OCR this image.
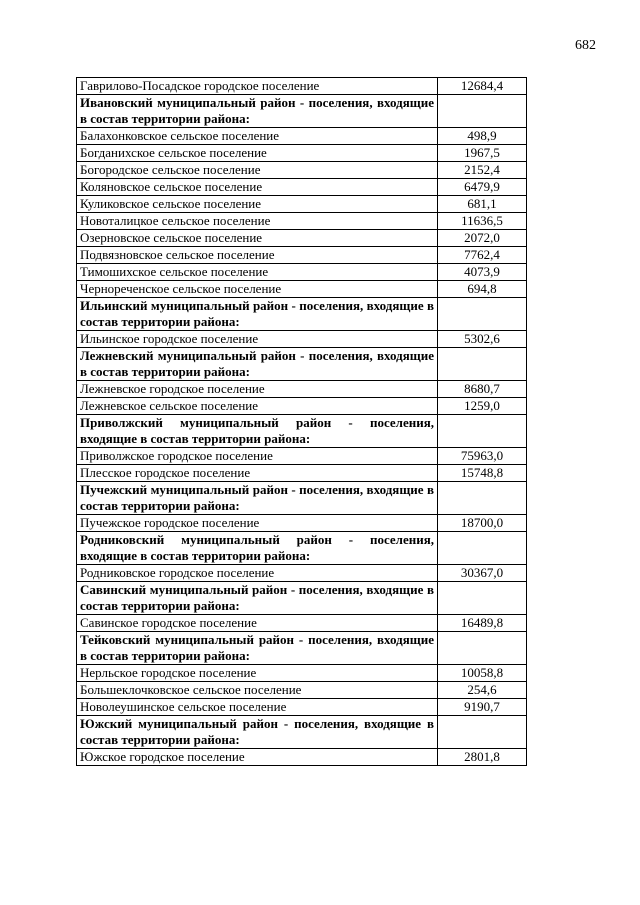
682
Гаврилово-Посадское городское поселение	12684,4
Ивановский муниципальный район - поселения, входящие в состав территории района:	
Балахонковское сельское поселение	498,9
Богданихское сельское поселение	1967,5
Богородское сельское поселение	2152,4
Коляновское сельское поселение	6479,9
Куликовское сельское поселение	681,1
Новоталицкое сельское поселение	11636,5
Озерновское сельское поселение	2072,0
Подвязновское сельское поселение	7762,4
Тимошихское сельское поселение	4073,9
Чернореченское сельское поселение	694,8
Ильинский муниципальный район - поселения, входящие в состав территории района:	
Ильинское городское поселение	5302,6
Лежневский муниципальный район - поселения, входящие в состав территории района:	
Лежневское городское поселение	8680,7
Лежневское сельское поселение	1259,0
Приволжский муниципальный район - поселения, входящие в состав территории района:	
Приволжское городское поселение	75963,0
Плесское городское поселение	15748,8
Пучежский муниципальный район - поселения, входящие в состав территории района:	
Пучежское городское поселение	18700,0
Родниковский муниципальный район - поселения, входящие в состав территории района:	
Родниковское городское поселение	30367,0
Савинский муниципальный район - поселения, входящие в состав территории района:	
Савинское городское поселение	16489,8
Тейковский муниципальный район - поселения, входящие в состав территории района:	
Нерльское городское поселение	10058,8
Большеклочковское сельское поселение	254,6
Новолеушинское сельское поселение	9190,7
Южский муниципальный район - поселения, входящие в состав территории района:	
Южское городское поселение	2801,8
